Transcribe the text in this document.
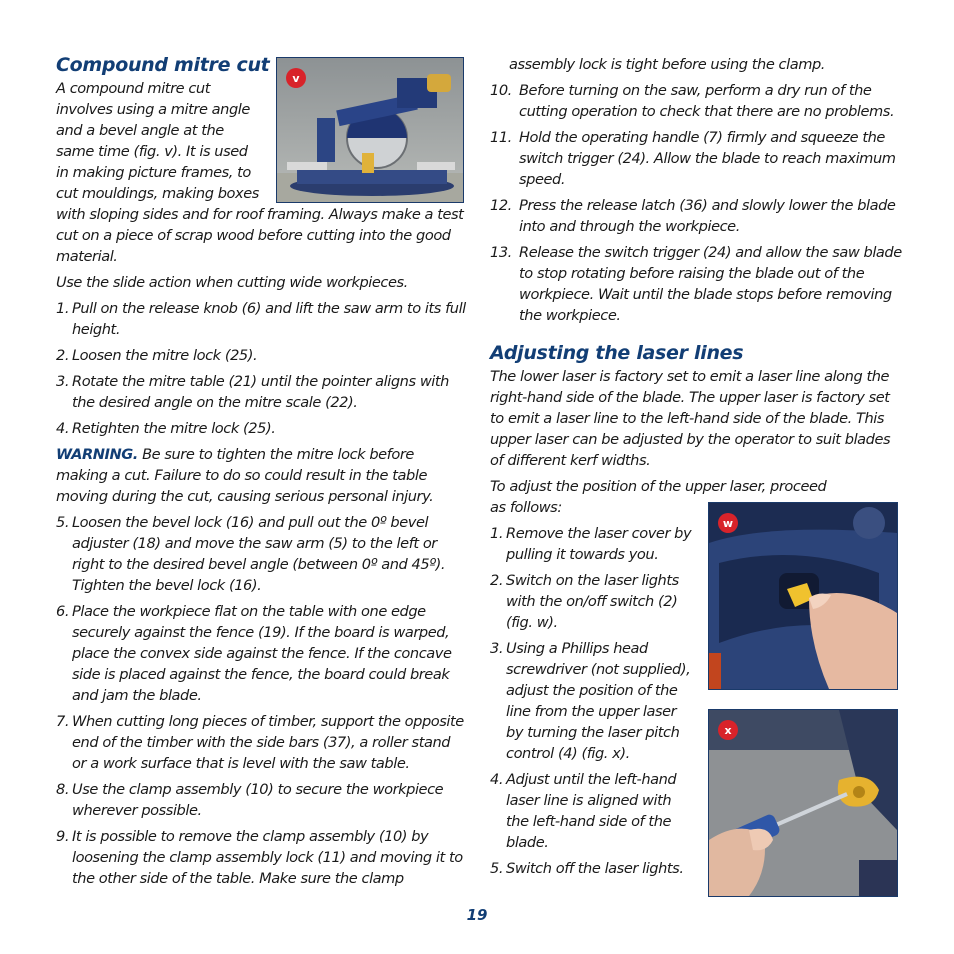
Compound mitre cut
A compound mitre cut
involves using a mitre angle
and a bevel angle at the
same time (fig. v). It is used
in making picture frames, to
cut mouldings, making boxes

with sloping sides and for roof framing. Always make a test cut on a piece of scrap wood before cutting into the good material.

Use the slide action when cutting wide workpieces.

1. Pull on the release knob (6) and lift the saw arm to its full height.
2. Loosen the mitre lock (25).
3. Rotate the mitre table (21) until the pointer aligns with the desired angle on the mitre scale (22).
4. Retighten the mitre lock (25).

WARNING. Be sure to tighten the mitre lock before making a cut. Failure to do so could result in the table moving during the cut, causing serious personal injury.

5. Loosen the bevel lock (16) and pull out the 0º bevel adjuster (18) and move the saw arm (5) to the left or right to the desired bevel angle (between 0º and 45º). Tighten the bevel lock (16).
6. Place the workpiece flat on the table with one edge securely against the fence (19). If the board is warped, place the convex side against the fence. If the concave side is placed against the fence, the board could break and jam the blade.
7. When cutting long pieces of timber, support the opposite end of the timber with the side bars (37), a roller stand or a work surface that is level with the saw table.
8. Use the clamp assembly (10) to secure the workpiece wherever possible.
9. It is possible to remove the clamp assembly (10) by loosening the clamp assembly lock (11) and moving it to the other side of the table. Make sure the clamp

assembly lock is tight before using the clamp.

10. Before turning on the saw, perform a dry run of the cutting operation to check that there are no problems.
11. Hold the operating handle (7) firmly and squeeze the switch trigger (24). Allow the blade to reach maximum speed.
12. Press the release latch (36) and slowly lower the blade into and through the workpiece.
13. Release the switch trigger (24) and allow the saw blade to stop rotating before raising the blade out of the workpiece. Wait until the blade stops before removing the workpiece.
Adjusting the laser lines

The lower laser is factory set to emit a laser line along the right-hand side of the blade. The upper laser is factory set to emit a laser line to the left-hand side of the blade. This upper laser can be adjusted by the operator to suit blades of different kerf widths.

To adjust the position of the upper laser, proceed as follows:

1. Remove the laser cover by pulling it towards you.
2. Switch on the laser lights with the on/off switch (2) (fig. w).
3. Using a Phillips head screwdriver (not supplied), adjust the position of the line from the upper laser by turning the laser pitch control (4) (fig. x).
4. Adjust until the left-hand laser line is aligned with the left-hand side of the blade.
5. Switch off the laser lights.
v
w
x
19
